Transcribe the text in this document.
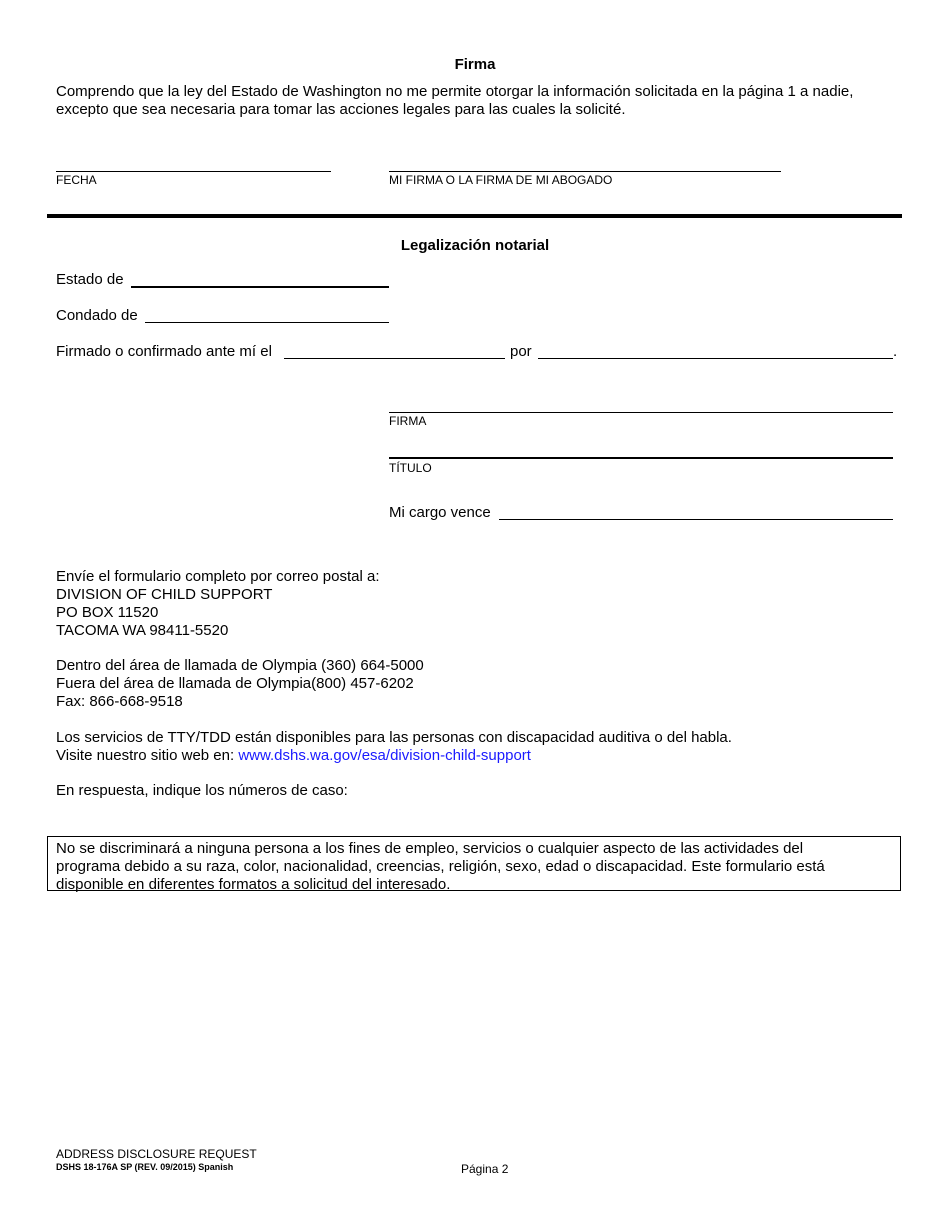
Firma
Comprendo que la ley del Estado de Washington no me permite otorgar la información solicitada en la página 1 a nadie,
excepto que sea necesaria para tomar las acciones legales para las cuales la solicité.
FECHA	MI FIRMA O LA FIRMA DE MI ABOGADO
Legalización notarial
Estado de
Condado de
Firmado o confirmado ante mí el	por	.
FIRMA
TÍTULO
Mi cargo vence
Envíe el formulario completo por correo postal a:
DIVISION OF CHILD SUPPORT
PO BOX 11520
TACOMA WA 98411-5520
Dentro del área de llamada de Olympia (360) 664-5000
Fuera del área de llamada de Olympia(800) 457-6202
Fax: 866-668-9518
Los servicios de TTY/TDD están disponibles para las personas con discapacidad auditiva o del habla.
Visite nuestro sitio web en: www.dshs.wa.gov/esa/division-child-support
En respuesta, indique los números de caso:
No se discriminará a ninguna persona a los fines de empleo, servicios o cualquier aspecto de las actividades del
programa debido a su raza, color, nacionalidad, creencias, religión, sexo, edad o discapacidad. Este formulario está
disponible en diferentes formatos a solicitud del interesado.
ADDRESS DISCLOSURE REQUEST
DSHS 18-176A SP (REV. 09/2015) Spanish	Página 2
